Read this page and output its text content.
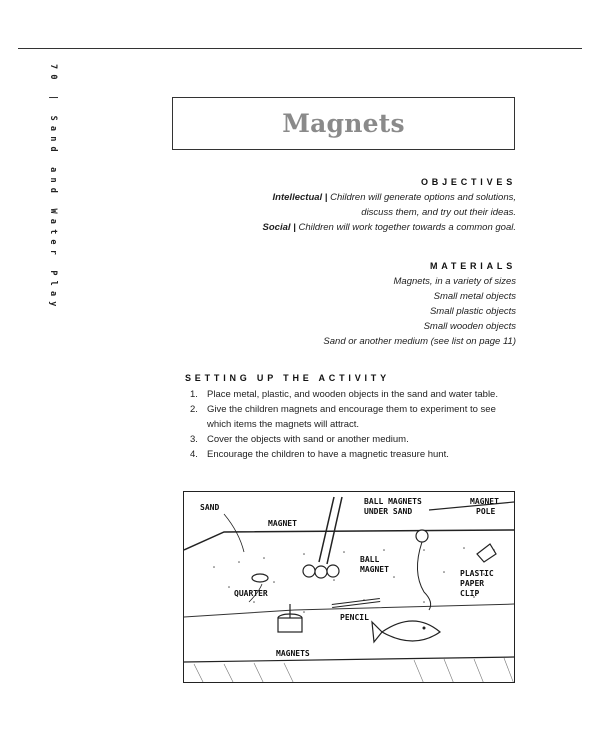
70 | Sand and Water Play	Magnets
OBJECTIVES
Intellectual | Children will generate options and solutions,
discuss them, and try out their ideas.
Social | Children will work together towards a common goal.
MATERIALS
Magnets, in a variety of sizes
Small metal objects
Small plastic objects
Small wooden objects
Sand or another medium (see list on page 11)
SETTING UP THE ACTIVITY
1. Place metal, plastic, and wooden objects in the sand and water table.
2. Give the children magnets and encourage them to experiment to see which items the magnets will attract.
3. Cover the objects with sand or another medium.
4. Encourage the children to have a magnetic treasure hunt.
SAND
MAGNET
BALL MAGNETS
UNDER SAND
MAGNET
POLE
BALL
MAGNET	PLASTIC
PAPER
CLIP
QUARTER
PENCIL
MAGNETS
